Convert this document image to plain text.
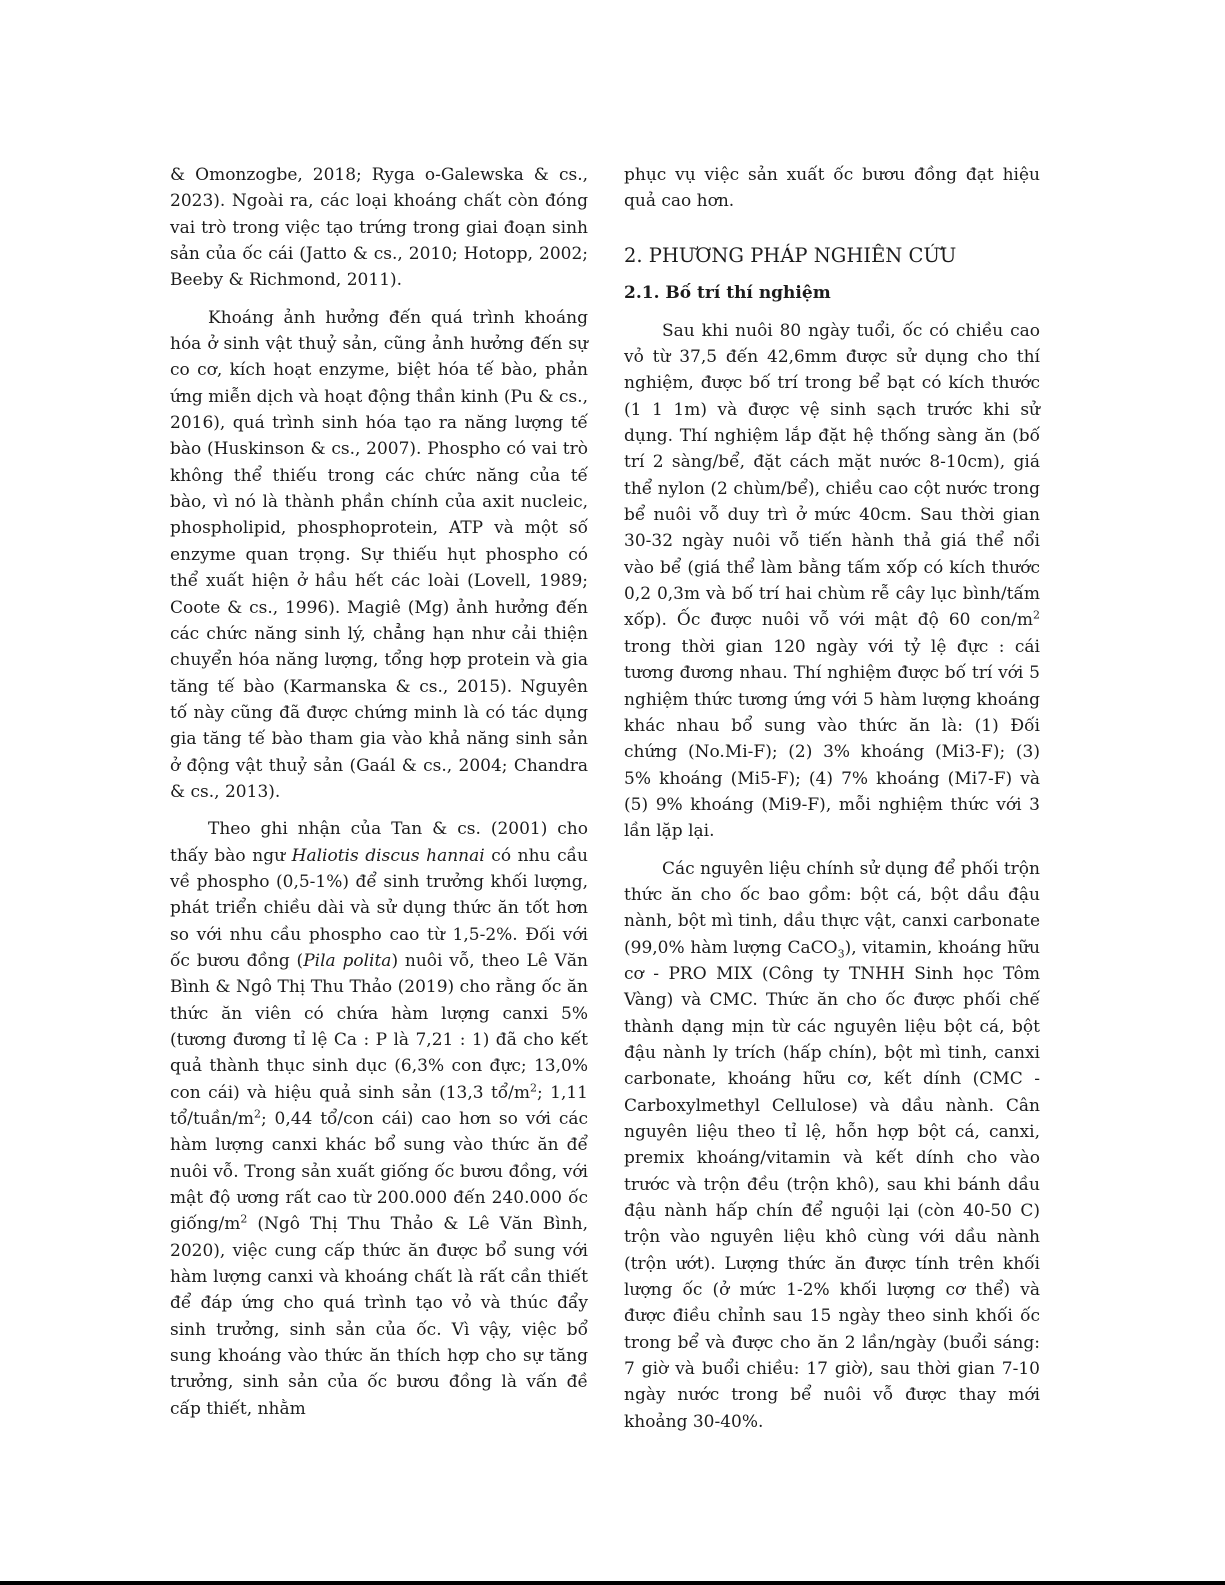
& Omonzogbe, 2018; Ryga o-Galewska & cs., 2023). Ngoài ra, các loại khoáng chất còn đóng vai trò trong việc tạo trứng trong giai đoạn sinh sản của ốc cái (Jatto & cs., 2010; Hotopp, 2002; Beeby & Richmond, 2011).

Khoáng ảnh hưởng đến quá trình khoáng hóa ở sinh vật thuỷ sản, cũng ảnh hưởng đến sự co cơ, kích hoạt enzyme, biệt hóa tế bào, phản ứng miễn dịch và hoạt động thần kinh (Pu & cs., 2016), quá trình sinh hóa tạo ra năng lượng tế bào (Huskinson & cs., 2007). Phospho có vai trò không thể thiếu trong các chức năng của tế bào, vì nó là thành phần chính của axit nucleic, phospholipid, phosphoprotein, ATP và một số enzyme quan trọng. Sự thiếu hụt phospho có thể xuất hiện ở hầu hết các loài (Lovell, 1989; Coote & cs., 1996). Magiê (Mg) ảnh hưởng đến các chức năng sinh lý, chẳng hạn như cải thiện chuyển hóa năng lượng, tổng hợp protein và gia tăng tế bào (Karmanska & cs., 2015). Nguyên tố này cũng đã được chứng minh là có tác dụng gia tăng tế bào tham gia vào khả năng sinh sản ở động vật thuỷ sản (Gaál & cs., 2004; Chandra & cs., 2013).

Theo ghi nhận của Tan & cs. (2001) cho thấy bào ngư Haliotis discus hannai có nhu cầu về phospho (0,5-1%) để sinh trưởng khối lượng, phát triển chiều dài và sử dụng thức ăn tốt hơn so với nhu cầu phospho cao từ 1,5-2%. Đối với ốc bươu đồng (Pila polita) nuôi vỗ, theo Lê Văn Bình & Ngô Thị Thu Thảo (2019) cho rằng ốc ăn thức ăn viên có chứa hàm lượng canxi 5% (tương đương tỉ lệ Ca : P là 7,21 : 1) đã cho kết quả thành thục sinh dục (6,3% con đực; 13,0% con cái) và hiệu quả sinh sản (13,3 $tổ/m^2$; 1,11 $tổ/tuần/m^2$; 0,44 tổ/con cái) cao hơn so với các hàm lượng canxi khác bổ sung vào thức ăn để nuôi vỗ. Trong sản xuất giống ốc bươu đồng, với mật độ ương rất cao từ 200.000 đến 240.000 ốc giống/$m^2$ (Ngô Thị Thu Thảo & Lê Văn Bình, 2020), việc cung cấp thức ăn được bổ sung với hàm lượng canxi và khoáng chất là rất cần thiết để đáp ứng cho quá trình tạo vỏ và thúc đẩy sinh trưởng, sinh sản của ốc. Vì vậy, việc bổ sung khoáng vào thức ăn thích hợp cho sự tăng trưởng, sinh sản của ốc bươu đồng là vấn đề cấp thiết, nhằm

phục vụ việc sản xuất ốc bươu đồng đạt hiệu quả cao hơn.

2. PHƯƠNG PHÁP NGHIÊN CỨU
2.1. Bố trí thí nghiệm

Sau khi nuôi 80 ngày tuổi, ốc có chiều cao vỏ từ 37,5 đến 42,6mm được sử dụng cho thí nghiệm, được bố trí trong bể bạt có kích thước (1 1 1m) và được vệ sinh sạch trước khi sử dụng. Thí nghiệm lắp đặt hệ thống sàng ăn (bố trí 2 sàng/bể, đặt cách mặt nước 8-10cm), giá thể nylon (2 chùm/bể), chiều cao cột nước trong bể nuôi vỗ duy trì ở mức 40cm. Sau thời gian 30-32 ngày nuôi vỗ tiến hành thả giá thể nổi vào bể (giá thể làm bằng tấm xốp có kích thước 0,2 0,3m và bố trí hai chùm rễ cây lục bình/tấm xốp). Ốc được nuôi vỗ với mật độ 60 con/$m^2$ trong thời gian 120 ngày với tỷ lệ đực : cái tương đương nhau. Thí nghiệm được bố trí với 5 nghiệm thức tương ứng với 5 hàm lượng khoáng khác nhau bổ sung vào thức ăn là: (1) Đối chứng (No.Mi-F); (2) 3% khoáng (Mi3-F); (3) 5% khoáng (Mi5-F); (4) 7% khoáng (Mi7-F) và (5) 9% khoáng (Mi9-F), mỗi nghiệm thức với 3 lần lặp lại.

Các nguyên liệu chính sử dụng để phối trộn thức ăn cho ốc bao gồm: bột cá, bột dầu đậu nành, bột mì tinh, dầu thực vật, canxi carbonate (99,0% hàm lượng CaCO$_3$), vitamin, khoáng hữu cơ - PRO MIX (Công ty TNHH Sinh học Tôm Vàng) và CMC. Thức ăn cho ốc được phối chế thành dạng mịn từ các nguyên liệu bột cá, bột đậu nành ly trích (hấp chín), bột mì tinh, canxi carbonate, khoáng hữu cơ, kết dính (CMC - Carboxylmethyl Cellulose) và dầu nành. Cân nguyên liệu theo tỉ lệ, hỗn hợp bột cá, canxi, premix khoáng/vitamin và kết dính cho vào trước và trộn đều (trộn khô), sau khi bánh dầu đậu nành hấp chín để nguội lại (còn 40-50 C) trộn vào nguyên liệu khô cùng với dầu nành (trộn ướt). Lượng thức ăn được tính trên khối lượng ốc (ở mức 1-2% khối lượng cơ thể) và được điều chỉnh sau 15 ngày theo sinh khối ốc trong bể và được cho ăn 2 lần/ngày (buổi sáng: 7 giờ và buổi chiều: 17 giờ), sau thời gian 7-10 ngày nước trong bể nuôi vỗ được thay mới khoảng 30-40%.
